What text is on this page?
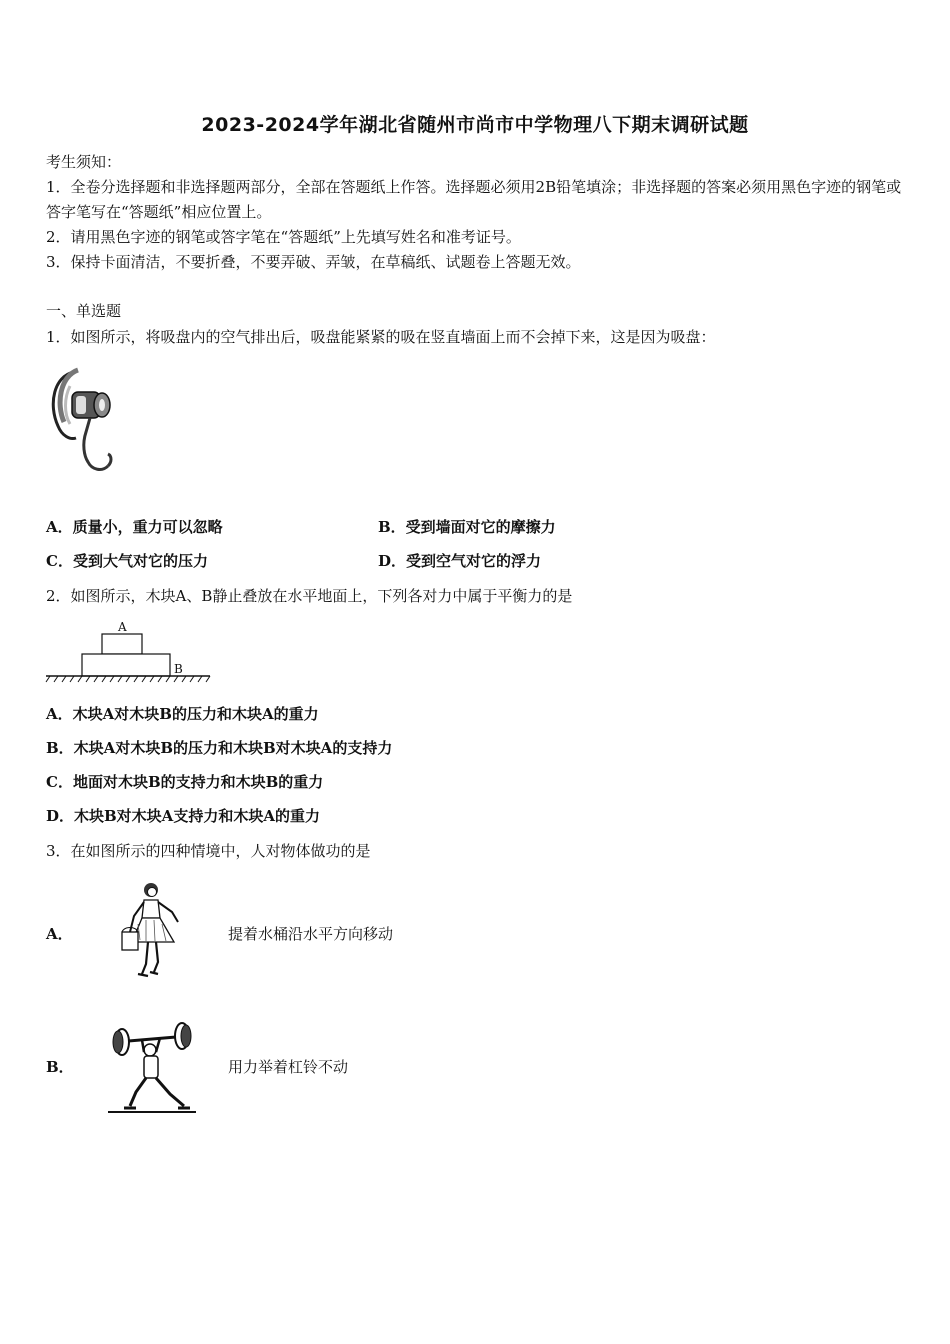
2023-2024学年湖北省随州市尚市中学物理八下期末调研试题
考生须知：
1．全卷分选择题和非选择题两部分，全部在答题纸上作答。选择题必须用2B铅笔填涂；非选择题的答案必须用黑色字迹的钢笔或答字笔写在“答题纸”相应位置上。
2．请用黑色字迹的钢笔或答字笔在“答题纸”上先填写姓名和准考证号。
3．保持卡面清洁，不要折叠，不要弄破、弄皱，在草稿纸、试题卷上答题无效。
一、单选题
1．如图所示，将吸盘内的空气排出后，吸盘能紧紧的吸在竖直墙面上而不会掉下来，这是因为吸盘：
A．质量小，重力可以忽略	B．受到墙面对它的摩擦力
C．受到大气对它的压力	D．受到空气对它的浮力
2．如图所示，木块A、B静止叠放在水平地面上，下列各对力中属于平衡力的是
A
B
A．木块A对木块B的压力和木块A的重力
B．木块A对木块B的压力和木块B对木块A的支持力
C．地面对木块B的支持力和木块B的重力
D．木块B对木块A支持力和木块A的重力
3．在如图所示的四种情境中，人对物体做功的是
A．	提着水桶沿水平方向移动
B．	用力举着杠铃不动
